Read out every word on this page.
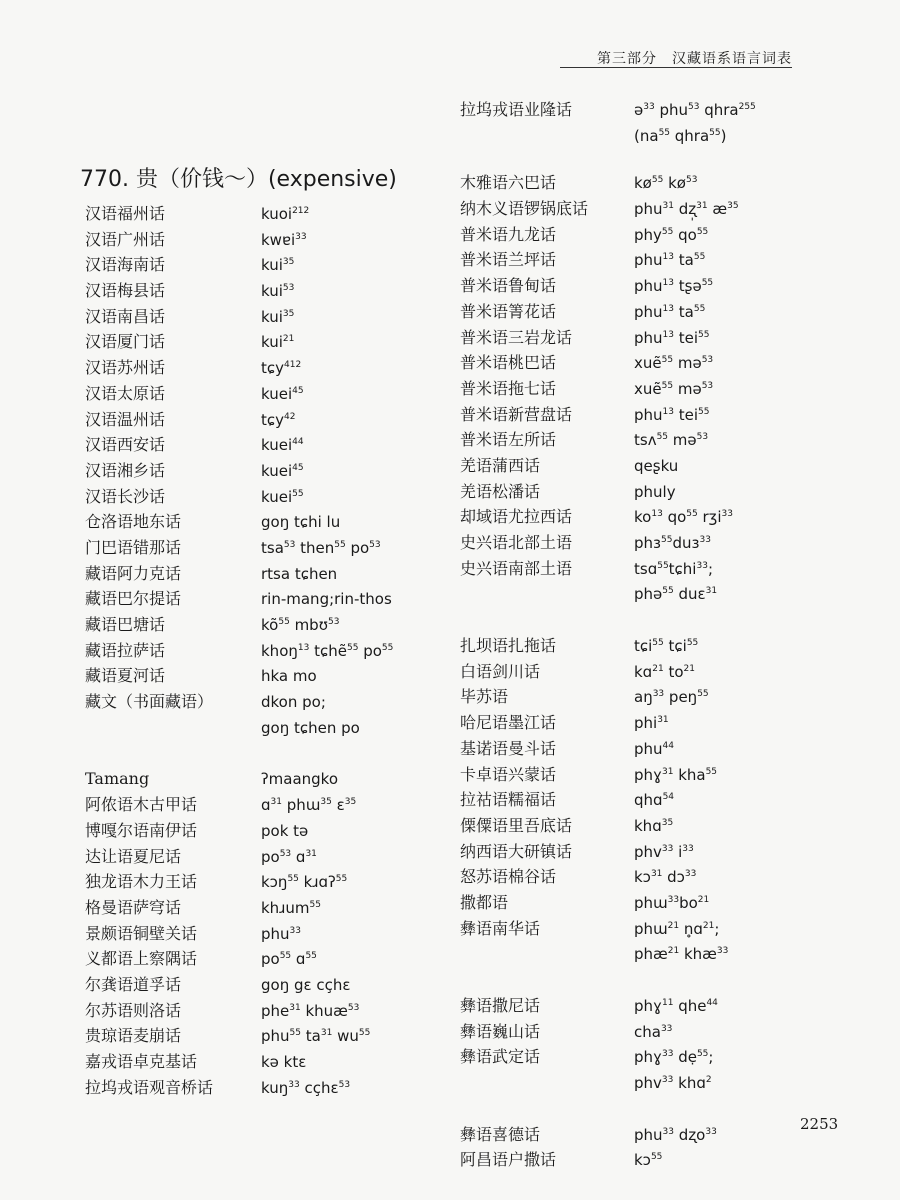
第三部分　汉藏语系语言词表
770. 贵（价钱～）(expensive)
汉语福州话	kuoi$^{212}$
汉语广州话	kwɐi$^{33}$
汉语海南话	kui$^{35}$
汉语梅县话	kui$^{53}$
汉语南昌话	kui$^{35}$
汉语厦门话	kui$^{21}$
汉语苏州话	tɕy$^{412}$
汉语太原话	kuei$^{45}$
汉语温州话	tɕy$^{42}$
汉语西安话	kuei$^{44}$
汉语湘乡话	kuei$^{45}$
汉语长沙话	kuei$^{55}$
仓洛语地东话	goŋ tɕhi lu
门巴语错那话	tsa$^{53}$ then$^{55}$ $po^{53}$
藏语阿力克话	rtsa tɕhen
藏语巴尔提话	rin-mang;rin-thos
藏语巴塘话	$kõ^{55}$ mbʊ$^{53}$
藏语拉萨话	khoŋ$^{13}$ tɕhẽ$^{55}$ $po^{55}$
藏语夏河话	hka mo
藏文（书面藏语）	dkon po;
goŋ tɕhen po
Tamang	ʔmaangko
阿侬语木古甲话	ɑ$^{31}$ phɯ$^{35}$ ɛ$^{35}$
博嘎尔语南伊话	pok tə
达让语夏尼话	$po^{53}$ ɑ$^{31}$
独龙语木力王话	kɔŋ$^{55}$ kɹɑʔ$^{55}$
格曼语萨穹话	khɹum$^{55}$
景颇语铜壁关话	phu$^{33}$
义都语上察隅话	$po^{55}$ ɑ$^{55}$
尔龚语道孚话	goŋ gɛ cçhɛ
尔苏语则洛话	phe$^{31}$ khuæ$^{53}$
贵琼语麦崩话	phu$^{55}$ $ta^{31}$ $wu^{55}$
嘉戎语卓克基话	kə ktɛ
拉坞戎语观音桥话	kuŋ$^{33}$ cçhɛ$^{53}$
拉坞戎语业隆话	ə$^{33}$ phu$^{53}$ qhra$^{255}$
($na^{55}$ qhra$^{55}$)
木雅语六巴话	$kø^{55}$ $kø^{53}$
纳木义语锣锅底话	phu$^{31}$ dʐ̩$^{31}$ $æ^{35}$
普米语九龙话	phy$^{55}$ $qo^{55}$
普米语兰坪话	phu$^{13}$ $ta^{55}$
普米语鲁甸话	phu$^{13}$ tʂə$^{55}$
普米语箐花话	phu$^{13}$ $ta^{55}$
普米语三岩龙话	phu$^{13}$ tei$^{55}$
普米语桃巴话	xuẽ$^{55}$ mə$^{53}$
普米语拖七话	xuẽ$^{55}$ mə$^{53}$
普米语新营盘话	phu$^{13}$ tei$^{55}$
普米语左所话	tsʌ$^{55}$ mə$^{53}$
羌语蒲西话	qeʂku
羌语松潘话	phuly
却域语尤拉西话	$ko^{13}$ $qo^{55}$ rʒi$^{33}$
史兴语北部土语	phɜ$^{55}$duɜ$^{33}$
史兴语南部土语	tsɑ$^{55}$tɕhi$^{33}$;
phə$^{55}$ duɛ$^{31}$
扎坝语扎拖话	tɕi$^{55}$ tɕi$^{55}$
白语剑川话	kɑ$^{21}$ $to^{21}$
毕苏语	$aŋ^{33}$ peŋ$^{55}$
哈尼语墨江话	phi$^{31}$
基诺语曼斗话	phu$^{44}$
卡卓语兴蒙话	phɣ$^{31}$ kha$^{55}$
拉祜语糯福话	qhɑ$^{54}$
傈僳语里吾底话	khɑ$^{35}$
纳西语大研镇话	phv$^{33}$ $i^{33}$
怒苏语棉谷话	kɔ$^{31}$ dɔ$^{33}$
撒都语	$phɯ^{33}bo^{21}$
彝语南华话	phɯ$^{21}$ n̥ɑ$^{21}$;
phæ$^{21}$ khæ$^{33}$
彝语撒尼话	phɣ$^{11}$ qhe$^{44}$
彝语巍山话	cha$^{33}$
彝语武定话	phɣ$^{33}$ dẹ$^{55}$;
phv$^{33}$ khɑ$^2$
彝语喜德话	phu$^{33}$ dʐo$^{33}$
阿昌语户撒话	kɔ$^{55}$
2253
